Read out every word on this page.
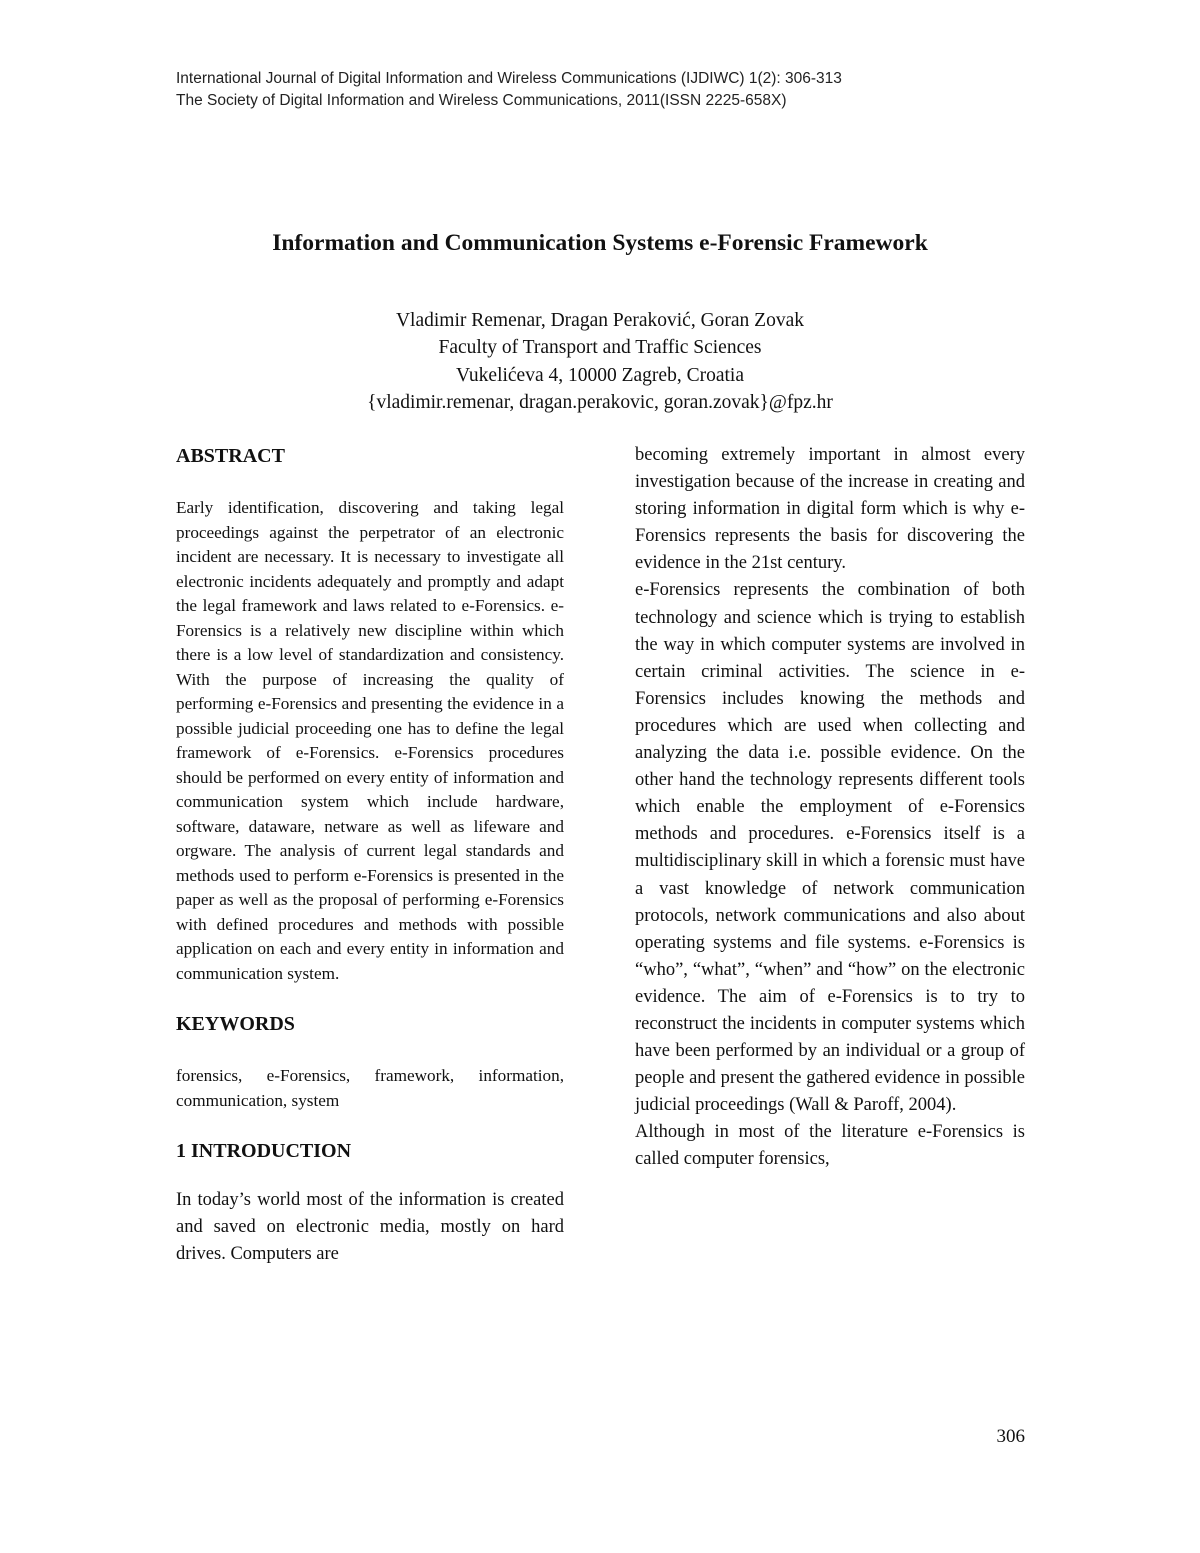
International Journal of Digital Information and Wireless Communications (IJDIWC) 1(2): 306-313
The Society of Digital Information and Wireless Communications, 2011(ISSN 2225-658X)
Information and Communication Systems e-Forensic Framework
Vladimir Remenar, Dragan Peraković, Goran Zovak
Faculty of Transport and Traffic Sciences
Vukelićeva 4, 10000 Zagreb, Croatia
{vladimir.remenar, dragan.perakovic, goran.zovak}@fpz.hr
ABSTRACT

Early identification, discovering and taking legal proceedings against the perpetrator of an electronic incident are necessary. It is necessary to investigate all electronic incidents adequately and promptly and adapt the legal framework and laws related to e-Forensics. e-Forensics is a relatively new discipline within which there is a low level of standardization and consistency. With the purpose of increasing the quality of performing e-Forensics and presenting the evidence in a possible judicial proceeding one has to define the legal framework of e-Forensics. e-Forensics procedures should be performed on every entity of information and communication system which include hardware, software, dataware, netware as well as lifeware and orgware. The analysis of current legal standards and methods used to perform e-Forensics is presented in the paper as well as the proposal of performing e-Forensics with defined procedures and methods with possible application on each and every entity in information and communication system.

KEYWORDS

forensics, e-Forensics, framework, information, communication, system

1 INTRODUCTION

In today’s world most of the information is created and saved on electronic media, mostly on hard drives. Computers are

becoming extremely important in almost every investigation because of the increase in creating and storing information in digital form which is why e-Forensics represents the basis for discovering the evidence in the 21st century.

e-Forensics represents the combination of both technology and science which is trying to establish the way in which computer systems are involved in certain criminal activities. The science in e-Forensics includes knowing the methods and procedures which are used when collecting and analyzing the data i.e. possible evidence. On the other hand the technology represents different tools which enable the employment of e-Forensics methods and procedures. e-Forensics itself is a multidisciplinary skill in which a forensic must have a vast knowledge of network communication protocols, network communications and also about operating systems and file systems. e-Forensics is “who”, “what”, “when” and “how” on the electronic evidence. The aim of e-Forensics is to try to reconstruct the incidents in computer systems which have been performed by an individual or a group of people and present the gathered evidence in possible judicial proceedings (Wall & Paroff, 2004).

Although in most of the literature e-Forensics is called computer forensics,

306
